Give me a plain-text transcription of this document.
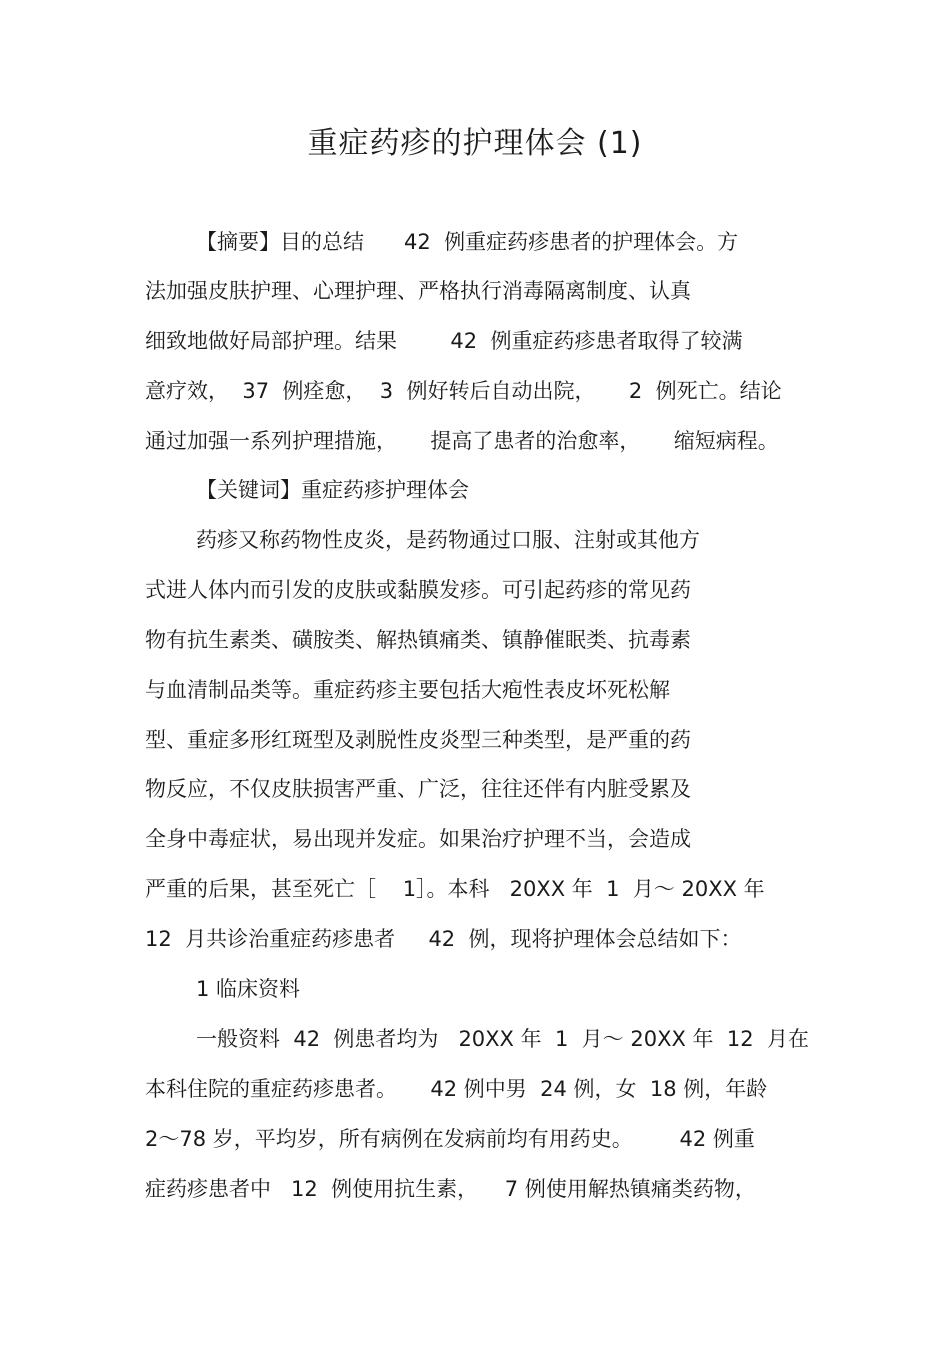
重症药疹的护理体会 (1)
【摘要】目的总结      42  例重症药疹患者的护理体会。方
法加强皮肤护理、心理护理、严格执行消毒隔离制度、认真
细致地做好局部护理。结果        42  例重症药疹患者取得了较满
意疗效，  37  例痊愈，  3  例好转后自动出院，     2  例死亡。结论
通过加强一系列护理措施，     提高了患者的治愈率，     缩短病程。
【关键词】重症药疹护理体会
药疹又称药物性皮炎，是药物通过口服、注射或其他方
式进人体内而引发的皮肤或黏膜发疹。可引起药疹的常见药
物有抗生素类、磺胺类、解热镇痛类、镇静催眠类、抗毒素
与血清制品类等。重症药疹主要包括大疱性表皮坏死松解
型、重症多形红斑型及剥脱性皮炎型三种类型，是严重的药
物反应，不仅皮肤损害严重、广泛，往往还伴有内脏受累及
全身中毒症状，易出现并发症。如果治疗护理不当，会造成
严重的后果，甚至死亡［    1］。本科   20XX 年  1  月～ 20XX 年
12  月共诊治重症药疹患者     42  例，现将护理体会总结如下：
1 临床资料
一般资料  42  例患者均为   20XX 年  1  月～ 20XX 年  12  月在
本科住院的重症药疹患者。     42 例中男  24 例，女  18 例，年龄
2～78 岁，平均岁，所有病例在发病前均有用药史。       42 例重
症药疹患者中   12  例使用抗生素，    7 例使用解热镇痛类药物，
